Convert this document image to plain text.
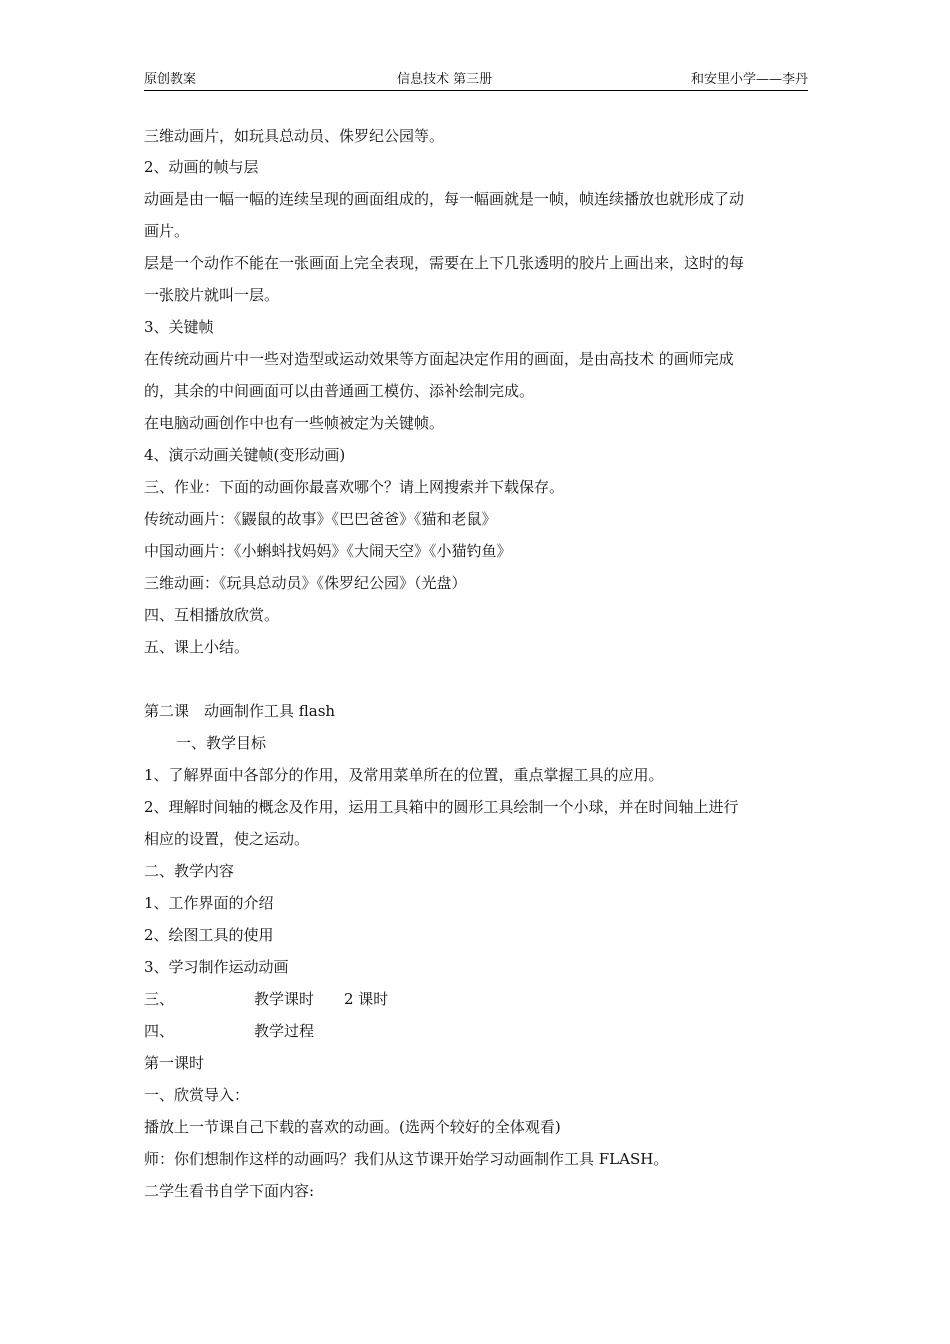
原创教案	信息技术 第三册	和安里小学——李丹
三维动画片，如玩具总动员、侏罗纪公园等。
2、动画的帧与层
动画是由一幅一幅的连续呈现的画面组成的，每一幅画就是一帧，帧连续播放也就形成了动
画片。
层是一个动作不能在一张画面上完全表现，需要在上下几张透明的胶片上画出来，这时的每
一张胶片就叫一层。
3、关键帧
在传统动画片中一些对造型或运动效果等方面起决定作用的画面，是由高技术 的画师完成
的，其余的中间画面可以由普通画工模仿、添补绘制完成。
在电脑动画创作中也有一些帧被定为关键帧。
4、演示动画关键帧(变形动画)
三、作业：下面的动画你最喜欢哪个？请上网搜索并下载保存。
传统动画片：《鼹鼠的故事》《巴巴爸爸》《猫和老鼠》
中国动画片：《小蝌蚪找妈妈》《大闹天空》《小猫钓鱼》
三维动画：《玩具总动员》《侏罗纪公园》（光盘）
四、互相播放欣赏。
五、课上小结。
第二课　动画制作工具 flash
一、教学目标
1、了解界面中各部分的作用，及常用菜单所在的位置，重点掌握工具的应用。
2、理解时间轴的概念及作用，运用工具箱中的圆形工具绘制一个小球，并在时间轴上进行
相应的设置，使之运动。
二、教学内容
1、工作界面的介绍
2、绘图工具的使用
3、学习制作运动动画
三、	教学课时 2 课时
四、	教学过程
第一课时
一、欣赏导入：
播放上一节课自己下载的喜欢的动画。(选两个较好的全体观看)
师：你们想制作这样的动画吗？我们从这节课开始学习动画制作工具 FLASH。
二学生看书自学下面内容:
